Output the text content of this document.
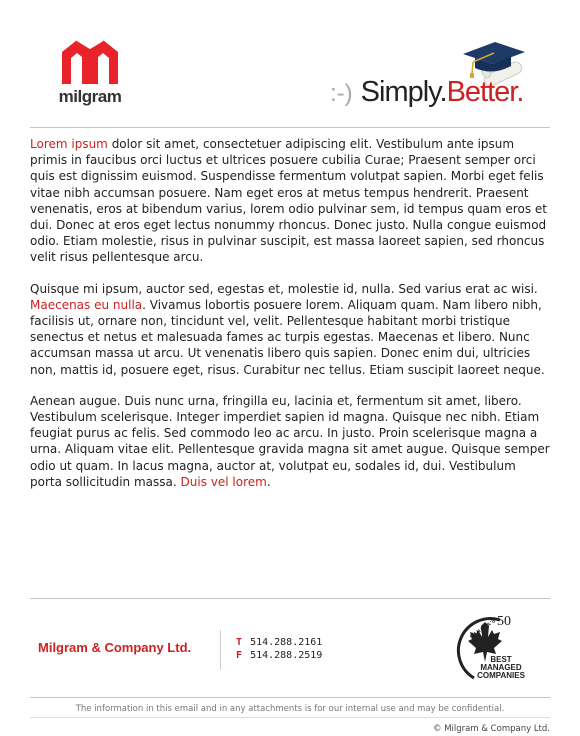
milgram	:-) Simply.Better.

Lorem ipsum dolor sit amet, consectetuer adipiscing elit. Vestibulum ante ipsum primis in faucibus orci luctus et ultrices posuere cubilia Curae; Praesent semper orci quis est dignissim euismod. Suspendisse fermentum volutpat sapien. Morbi eget felis vitae nibh accumsan posuere. Nam eget eros at metus tempus hendrerit. Praesent venenatis, eros at bibendum varius, lorem odio pulvinar sem, id tempus quam eros et dui. Donec at eros eget lectus nonummy rhoncus. Donec justo. Nulla congue euismod odio. Etiam molestie, risus in pulvinar suscipit, est massa laoreet sapien, sed rhoncus velit risus pellentesque arcu.

Quisque mi ipsum, auctor sed, egestas et, molestie id, nulla. Sed varius erat ac wisi. Maecenas eu nulla. Vivamus lobortis posuere lorem. Aliquam quam. Nam libero nibh, facilisis ut, ornare non, tincidunt vel, velit. Pellentesque habitant morbi tristique senectus et netus et malesuada fames ac turpis egestas. Maecenas et libero. Nunc accumsan massa ut arcu. Ut venenatis libero quis sapien. Donec enim dui, ultricies non, mattis id, posuere eget, risus. Curabitur nec tellus. Etiam suscipit laoreet neque.

Aenean augue. Duis nunc urna, fringilla eu, lacinia et, fermentum sit amet, libero. Vestibulum scelerisque. Integer imperdiet sapien id magna. Quisque nec nibh. Etiam feugiat purus ac felis. Sed commodo leo ac arcu. In justo. Proin scelerisque magna a urna. Aliquam vitae elit. Pellentesque gravida magna sit amet augue. Quisque semper odio ut quam. In lacus magna, auctor at, volutpat eu, sodales id, dui. Vestibulum porta sollicitudin massa. Duis vel lorem.

Milgram & Company Ltd.	T 514.288.2161
F 514.288.2519
50
CANADA'S
BEST
MANAGED
COMPANIES
The information in this email and in any attachments is for our internal use and may be confidential.
© Milgram & Company Ltd.
